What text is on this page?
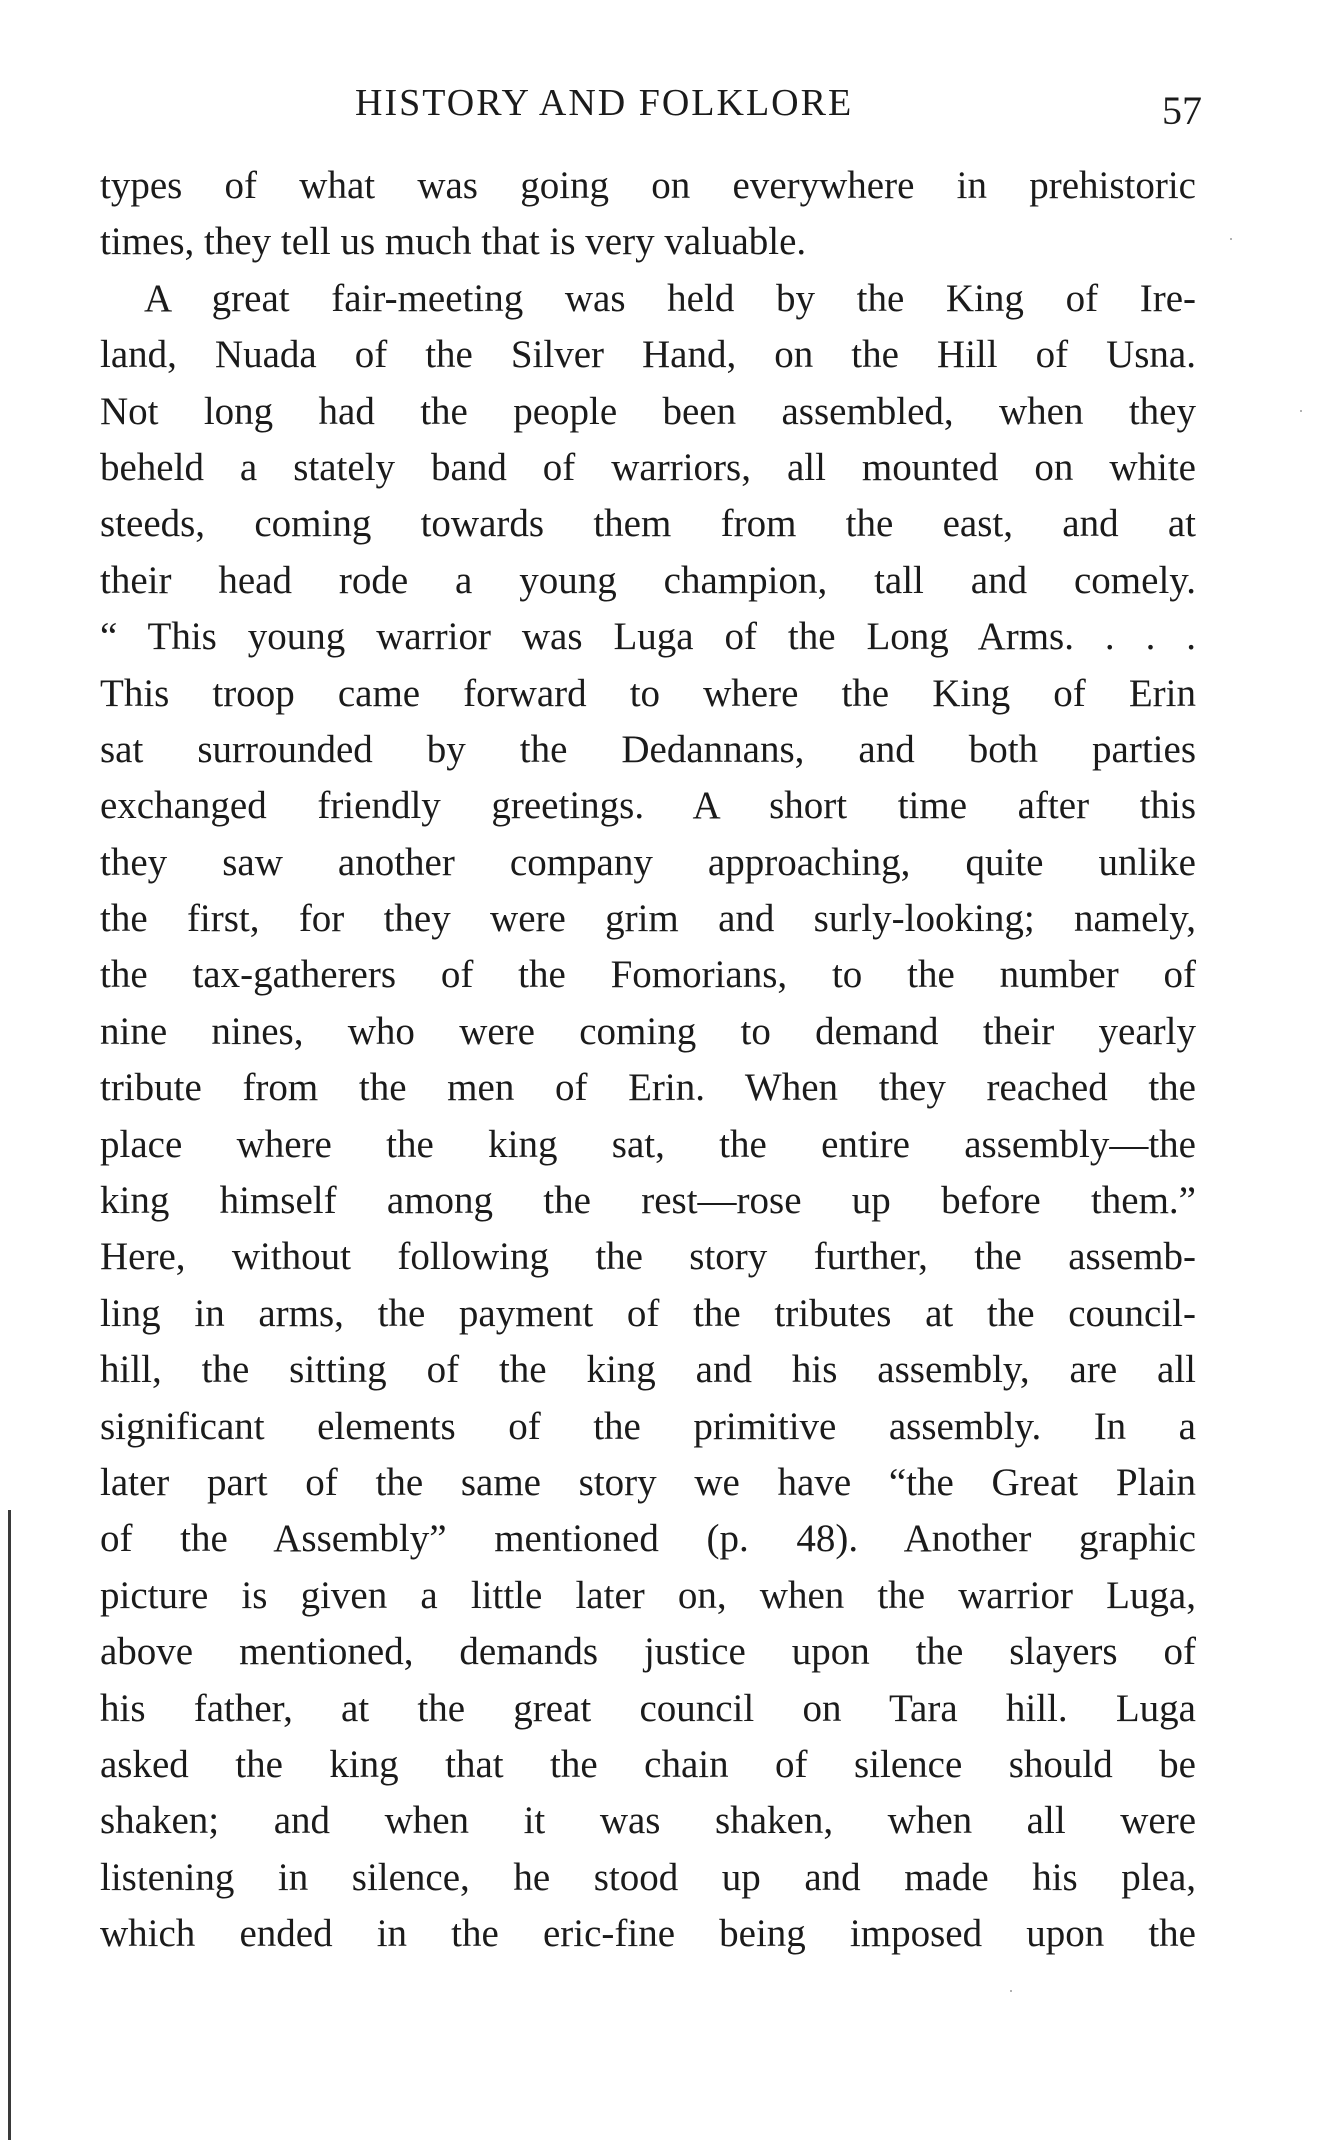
HISTORY AND FOLKLORE	57
types of what was going on everywhere in prehistoric
times, they tell us much that is very valuable.
A great fair-meeting was held by the King of Ire-
land, Nuada of the Silver Hand, on the Hill of Usna.
Not long had the people been assembled, when they
beheld a stately band of warriors, all mounted on white
steeds, coming towards them from the east, and at
their head rode a young champion, tall and comely.
“ This young warrior was Luga of the Long Arms. . . .
This troop came forward to where the King of Erin
sat surrounded by the Dedannans, and both parties
exchanged friendly greetings. A short time after this
they saw another company approaching, quite unlike
the first, for they were grim and surly-looking; namely,
the tax-gatherers of the Fomorians, to the number of
nine nines, who were coming to demand their yearly
tribute from the men of Erin. When they reached the
place where the king sat, the entire assembly—the
king himself among the rest—rose up before them.”
Here, without following the story further, the assemb-
ling in arms, the payment of the tributes at the council-
hill, the sitting of the king and his assembly, are all
significant elements of the primitive assembly. In a
later part of the same story we have “the Great Plain
of the Assembly” mentioned (p. 48). Another graphic
picture is given a little later on, when the warrior Luga,
above mentioned, demands justice upon the slayers of
his father, at the great council on Tara hill. Luga
asked the king that the chain of silence should be
shaken; and when it was shaken, when all were
listening in silence, he stood up and made his plea,
which ended in the eric-fine being imposed upon the
